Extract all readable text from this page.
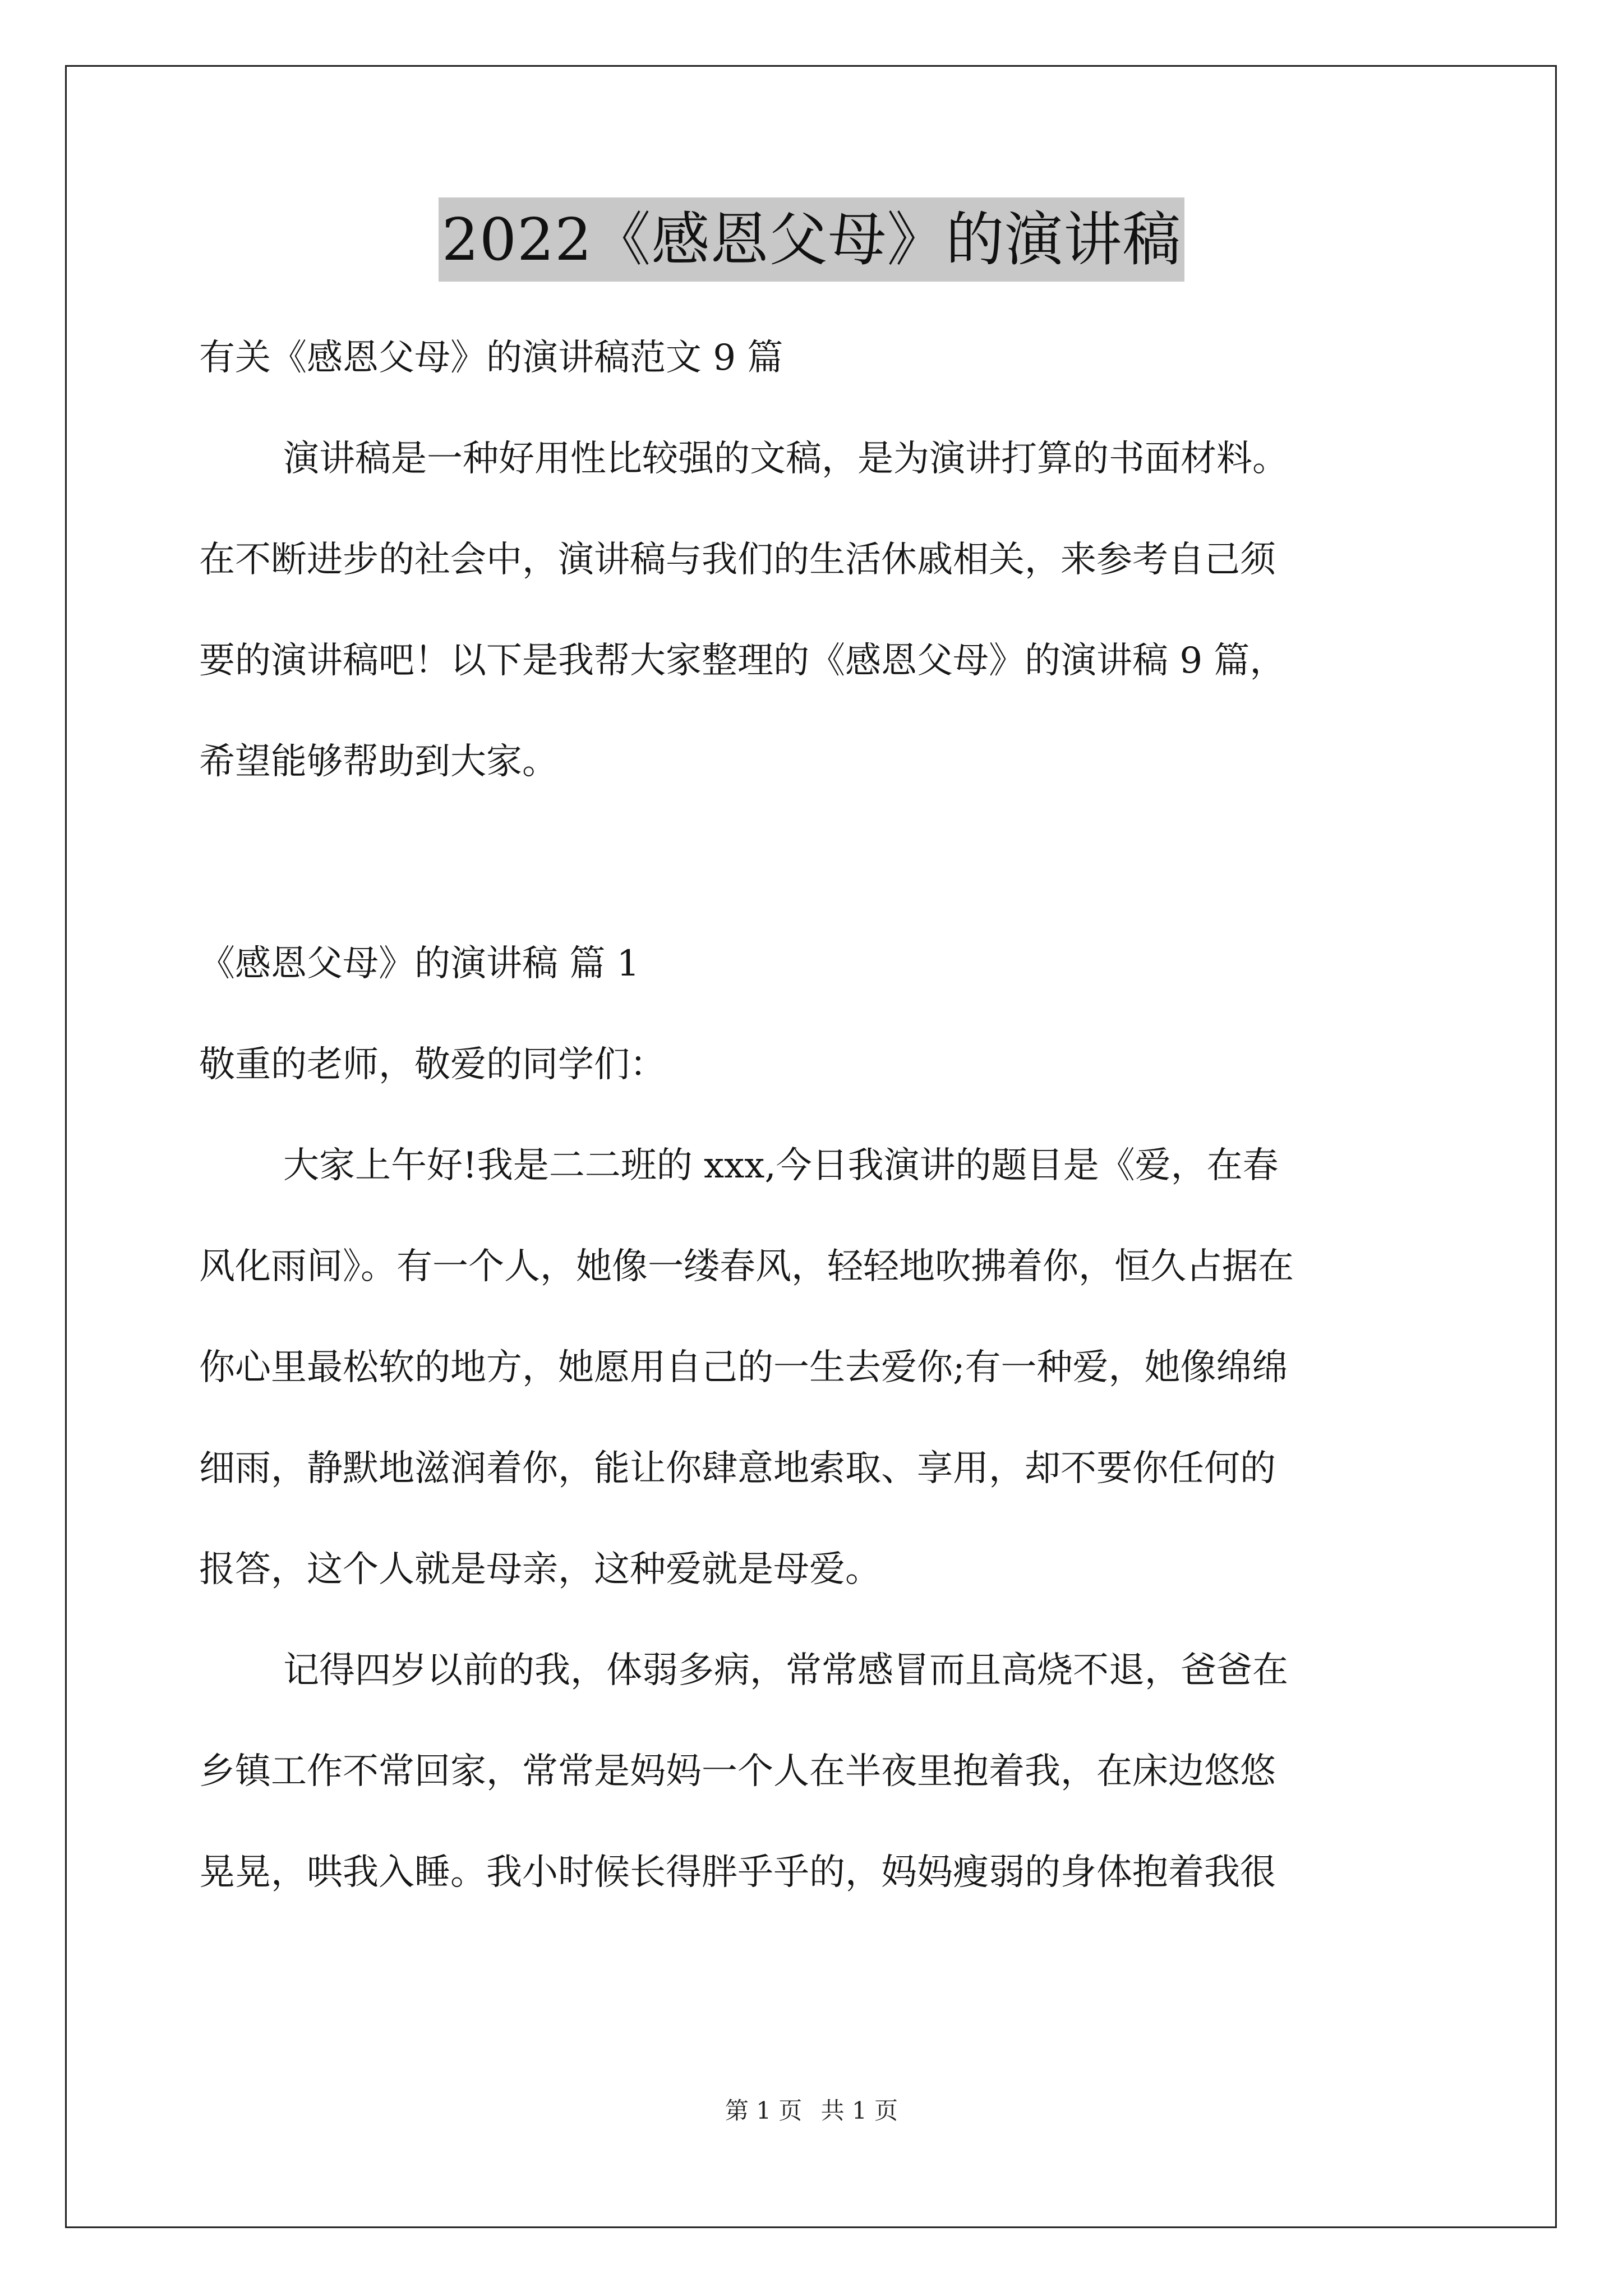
2022《感恩父母》的演讲稿

有关《感恩父母》的演讲稿范文 9 篇

演讲稿是一种好用性比较强的文稿，是为演讲打算的书面材料。

在不断进步的社会中，演讲稿与我们的生活休戚相关，来参考自己须

要的演讲稿吧！以下是我帮大家整理的《感恩父母》的演讲稿 9 篇，

希望能够帮助到大家。

《感恩父母》的演讲稿 篇 1

敬重的老师，敬爱的同学们：

大家上午好!我是二二班的 xxx,今日我演讲的题目是《爱，在春

风化雨间》。有一个人，她像一缕春风，轻轻地吹拂着你，恒久占据在

你心里最松软的地方，她愿用自己的一生去爱你;有一种爱，她像绵绵

细雨，静默地滋润着你，能让你肆意地索取、享用，却不要你任何的

报答，这个人就是母亲，这种爱就是母爱。

记得四岁以前的我，体弱多病，常常感冒而且高烧不退，爸爸在

乡镇工作不常回家，常常是妈妈一个人在半夜里抱着我，在床边悠悠

晃晃，哄我入睡。我小时候长得胖乎乎的，妈妈瘦弱的身体抱着我很

第 1 页 共 1 页
